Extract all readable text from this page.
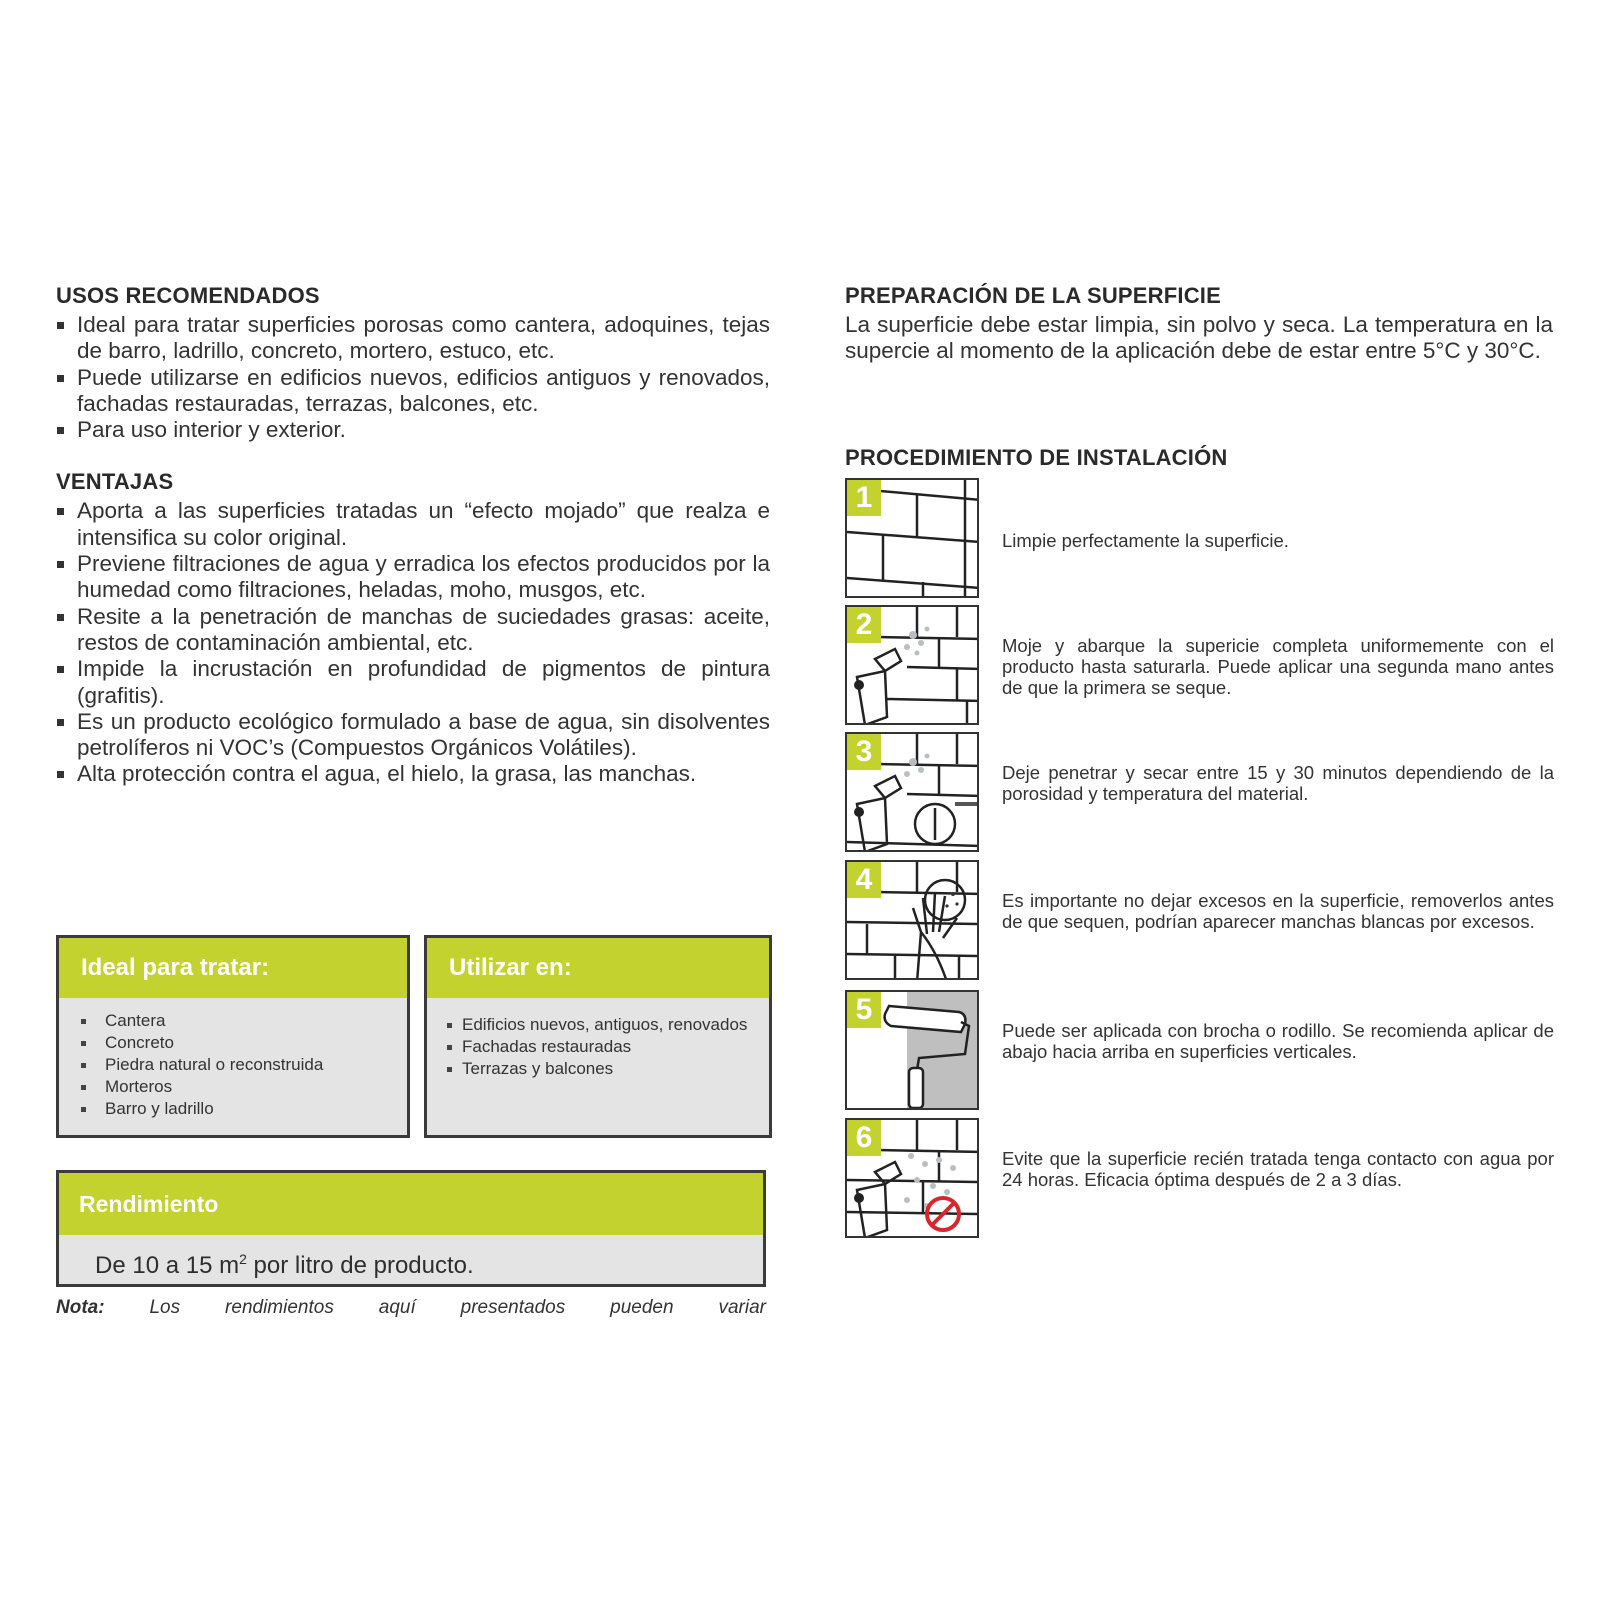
USOS RECOMENDADOS
Ideal para tratar superficies porosas como cantera, adoquines, tejas de barro, ladrillo, concreto, mortero, estuco, etc.
Puede utilizarse en edificios nuevos, edificios antiguos y renovados, fachadas restauradas, terrazas, balcones, etc.
Para uso interior y exterior.
VENTAJAS
Aporta a las superficies tratadas un “efecto mojado” que realza e intensifica su color original.
Previene filtraciones de agua y erradica los efectos producidos por la humedad como filtraciones, heladas, moho, musgos, etc.
Resite a la penetración de manchas de suciedades grasas: aceite, restos de contaminación ambiental, etc.
Impide la incrustación en profundidad de pigmentos de pintura (grafitis).
Es un producto ecológico formulado a base de agua, sin disolventes petrolíferos ni VOC’s (Compuestos Orgánicos Volátiles).
Alta protección contra el agua, el hielo, la grasa, las manchas.
Ideal para tratar:
Cantera
Concreto
Piedra natural o reconstruida
Morteros
Barro y ladrillo
Utilizar en:
Edificios nuevos, antiguos, renovados
Fachadas restauradas
Terrazas y balcones
Rendimiento
De 10 a 15 $m^2$ por litro de producto.
Nota: Los rendimientos aquí presentados pueden variar
PREPARACIÓN DE LA SUPERFICIE
La superficie debe estar limpia, sin polvo y seca. La temperatura en la supercie al momento de la aplicación debe de estar entre 5°C y 30°C.
PROCEDIMIENTO DE INSTALACIÓN
1
Limpie perfectamente la superficie.
2
Moje y abarque la supericie completa uniformemente con el producto hasta saturarla. Puede aplicar una segunda mano antes de que la primera se seque.
3
Deje penetrar y secar entre 15 y 30 minutos dependiendo de la porosidad y temperatura del material.
4
Es importante no dejar excesos en la superficie, removerlos antes de que sequen, podrían aparecer manchas blancas por excesos.
5
Puede ser aplicada con brocha o rodillo. Se recomienda aplicar de abajo hacia arriba en superficies verticales.
6
Evite que la superficie recién tratada tenga contacto con agua por 24 horas. Eficacia óptima después de 2 a 3 días.
